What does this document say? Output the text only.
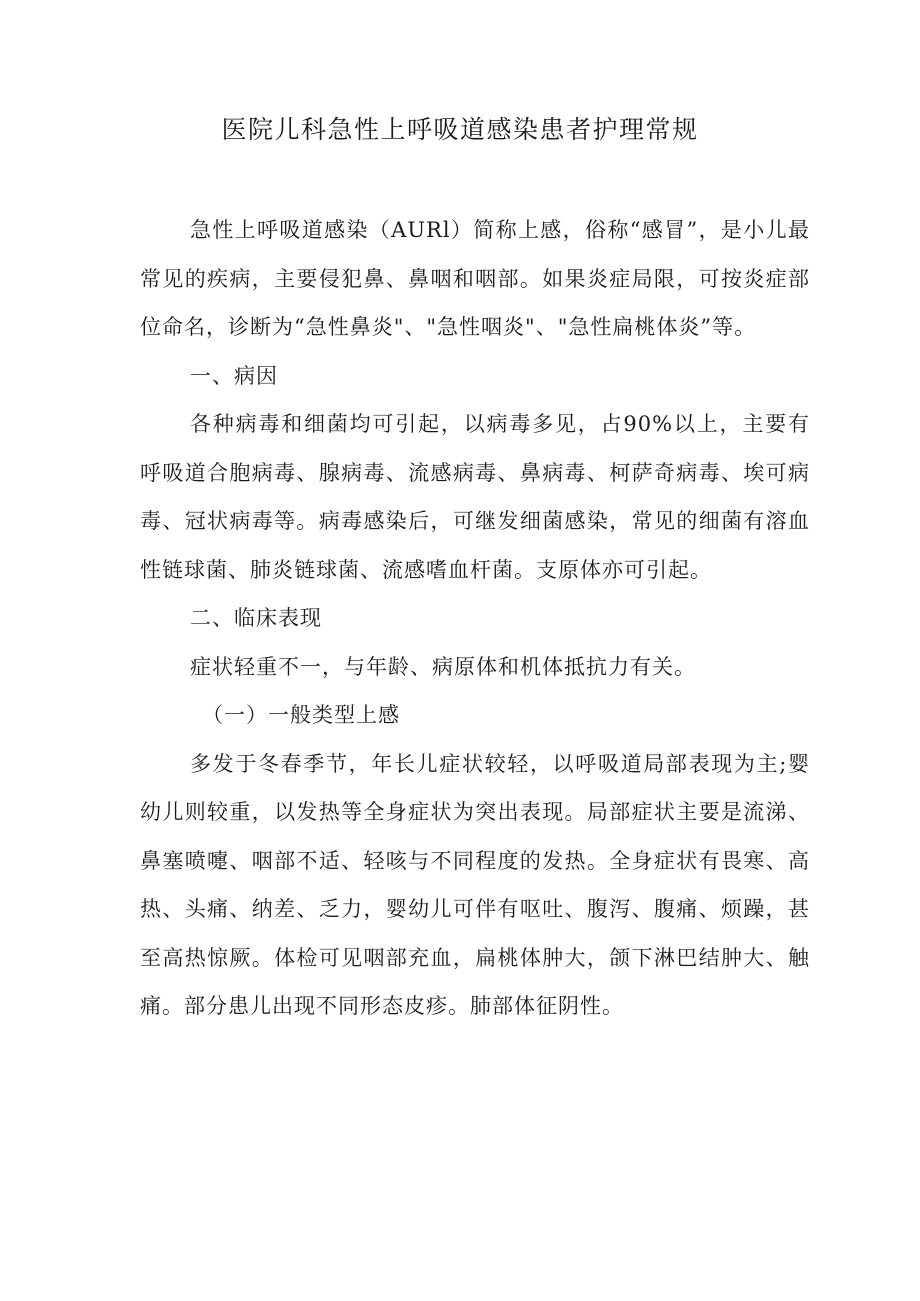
医院儿科急性上呼吸道感染患者护理常规

急性上呼吸道感染（AURl）简称上感，俗称“感冒”，是小儿最常见的疾病，主要侵犯鼻、鼻咽和咽部。如果炎症局限，可按炎症部位命名，诊断为“急性鼻炎"、"急性咽炎"、"急性扁桃体炎”等。

一、病因

各种病毒和细菌均可引起，以病毒多见，占90%以上，主要有呼吸道合胞病毒、腺病毒、流感病毒、鼻病毒、柯萨奇病毒、埃可病毒、冠状病毒等。病毒感染后，可继发细菌感染，常见的细菌有溶血性链球菌、肺炎链球菌、流感嗜血杆菌。支原体亦可引起。

二、临床表现

症状轻重不一，与年龄、病原体和机体抵抗力有关。

（一）一般类型上感

多发于冬春季节，年长儿症状较轻，以呼吸道局部表现为主;婴幼儿则较重，以发热等全身症状为突出表现。局部症状主要是流涕、鼻塞喷嚏、咽部不适、轻咳与不同程度的发热。全身症状有畏寒、高热、头痛、纳差、乏力，婴幼儿可伴有呕吐、腹泻、腹痛、烦躁，甚至高热惊厥。体检可见咽部充血，扁桃体肿大，颌下淋巴结肿大、触痛。部分患儿出现不同形态皮疹。肺部体征阴性。
